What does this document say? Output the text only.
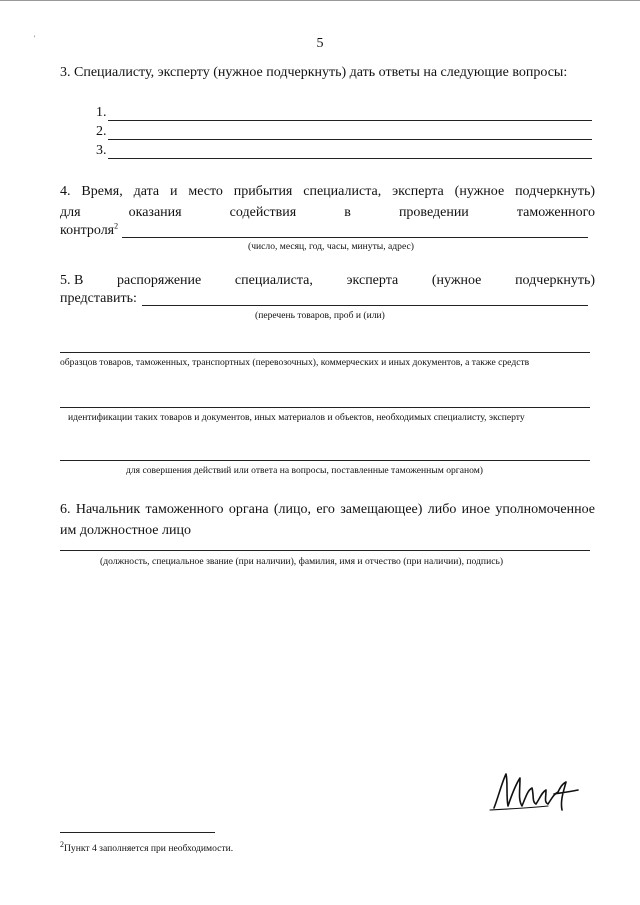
'	5
3. Специалисту, эксперту (нужное подчеркнуть) дать ответы на следующие вопросы:
1.
2.
3.
4. Время, дата и место прибытия специалиста, эксперта (нужное подчеркнуть)
для	оказания	содействия	в	проведении	таможенного
контроля$^2$
(число, месяц, год, часы, минуты, адрес)
5. В распоряжение специалиста, эксперта (нужное подчеркнуть)
представить:
(перечень товаров, проб и (или)
образцов товаров, таможенных, транспортных (перевозочных), коммерческих и иных документов, а также средств
идентификации таких товаров и документов, иных материалов и объектов, необходимых специалисту, эксперту
для совершения действий или ответа на вопросы, поставленные таможенным органом)
6. Начальник таможенного органа (лицо, его замещающее) либо иное уполномоченное им должностное лицо
(должность, специальное звание (при наличии), фамилия, имя и отчество (при наличии), подпись)
$^2$Пункт 4 заполняется при необходимости.
